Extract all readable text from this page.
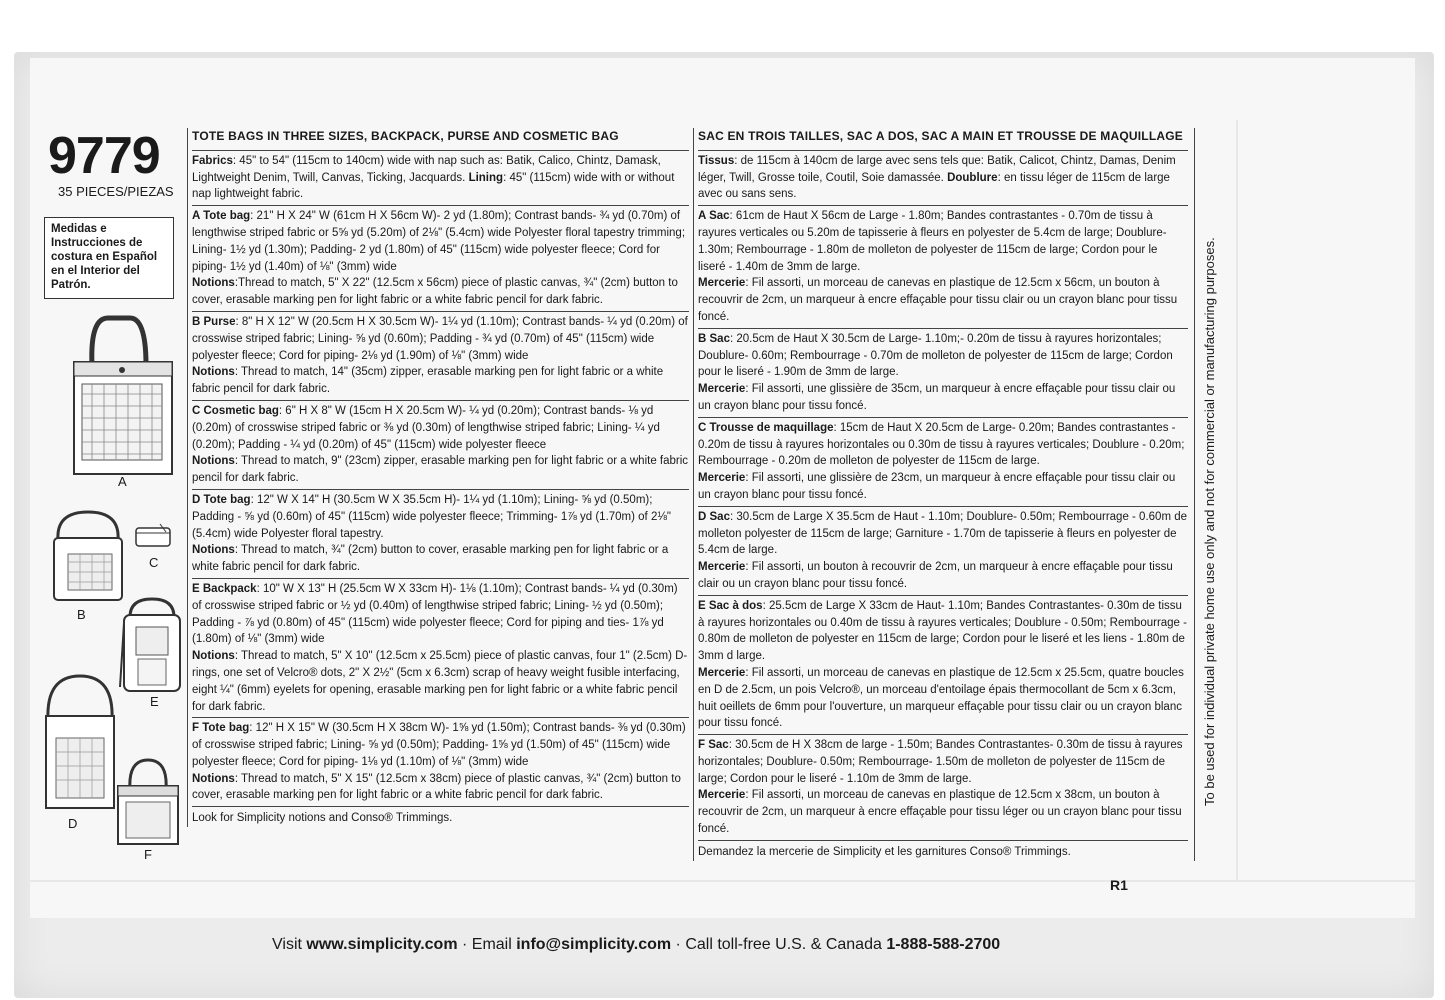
9779
35 PIECES/PIEZAS
Medidas e Instrucciones de costura en Español en el Interior del Patrón.
A
B
C
E
D
F
TOTE BAGS IN THREE SIZES, BACKPACK, PURSE AND COSMETIC BAG

Fabrics: 45" to 54" (115cm to 140cm) wide with nap such as: Batik, Calico, Chintz, Damask, Lightweight Denim, Twill, Canvas, Ticking, Jacquards. Lining: 45" (115cm) wide with or without nap lightweight fabric.

A Tote bag: 21" H X 24" W (61cm H X 56cm W)- 2 yd (1.80m); Contrast bands- ¾ yd (0.70m) of lengthwise striped fabric or 5⅝ yd (5.20m) of 2⅛" (5.4cm) wide Polyester floral tapestry trimming; Lining- 1½ yd (1.30m); Padding- 2 yd (1.80m) of 45" (115cm) wide polyester fleece; Cord for piping- 1½ yd (1.40m) of ⅛" (3mm) wide

Notions:Thread to match, 5" X 22" (12.5cm x 56cm) piece of plastic canvas, ¾" (2cm) button to cover, erasable marking pen for light fabric or a white fabric pencil for dark fabric.

B Purse: 8" H X 12" W (20.5cm H X 30.5cm W)- 1¼ yd (1.10m); Contrast bands- ¼ yd (0.20m) of crosswise striped fabric; Lining- ⅝ yd (0.60m); Padding - ¾ yd (0.70m) of 45" (115cm) wide polyester fleece; Cord for piping- 2⅛ yd (1.90m) of ⅛" (3mm) wide

Notions: Thread to match, 14" (35cm) zipper, erasable marking pen for light fabric or a white fabric pencil for dark fabric.

C Cosmetic bag: 6" H X 8" W (15cm H X 20.5cm W)- ¼ yd (0.20m); Contrast bands- ⅛ yd (0.20m) of crosswise striped fabric or ⅜ yd (0.30m) of lengthwise striped fabric; Lining- ¼ yd (0.20m); Padding - ¼ yd (0.20m) of 45" (115cm) wide polyester fleece

Notions: Thread to match, 9" (23cm) zipper, erasable marking pen for light fabric or a white fabric pencil for dark fabric.

D Tote bag: 12" W X 14" H (30.5cm W X 35.5cm H)- 1¼ yd (1.10m); Lining- ⅝ yd (0.50m); Padding - ⅝ yd (0.60m) of 45" (115cm) wide polyester fleece; Trimming- 1⅞ yd (1.70m) of 2⅛" (5.4cm) wide Polyester floral tapestry.

Notions: Thread to match, ¾" (2cm) button to cover, erasable marking pen for light fabric or a white fabric pencil for dark fabric.

E Backpack: 10" W X 13" H (25.5cm W X 33cm H)- 1⅛ (1.10m); Contrast bands- ¼ yd (0.30m) of crosswise striped fabric or ½ yd (0.40m) of lengthwise striped fabric; Lining- ½ yd (0.50m); Padding - ⅞ yd (0.80m) of 45" (115cm) wide polyester fleece; Cord for piping and ties- 1⅞ yd (1.80m) of ⅛" (3mm) wide

Notions: Thread to match, 5" X 10" (12.5cm x 25.5cm) piece of plastic canvas, four 1" (2.5cm) D-rings, one set of Velcro® dots, 2" X 2½" (5cm x 6.3cm) scrap of heavy weight fusible interfacing, eight ¼" (6mm) eyelets for opening, erasable marking pen for light fabric or a white fabric pencil for dark fabric.

F Tote bag: 12" H X 15" W (30.5cm H X 38cm W)- 1⅝ yd (1.50m); Contrast bands- ⅜ yd (0.30m) of crosswise striped fabric; Lining- ⅝ yd (0.50m); Padding- 1⅝ yd (1.50m) of 45" (115cm) wide polyester fleece; Cord for piping- 1⅛ yd (1.10m) of ⅛" (3mm) wide

Notions: Thread to match, 5" X 15" (12.5cm x 38cm) piece of plastic canvas, ¾" (2cm) button to cover, erasable marking pen for light fabric or a white fabric pencil for dark fabric.

Look for Simplicity notions and Conso® Trimmings.
SAC EN TROIS TAILLES, SAC A DOS, SAC A MAIN ET TROUSSE DE MAQUILLAGE

Tissus: de 115cm à 140cm de large avec sens tels que: Batik, Calicot, Chintz, Damas, Denim léger, Twill, Grosse toile, Coutil, Soie damassée. Doublure: en tissu léger de 115cm de large avec ou sans sens.

A Sac: 61cm de Haut X 56cm de Large - 1.80m; Bandes contrastantes - 0.70m de tissu à rayures verticales ou 5.20m de tapisserie à fleurs en polyester de 5.4cm de large; Doublure- 1.30m; Rembourrage - 1.80m de molleton de polyester de 115cm de large; Cordon pour le liseré - 1.40m de 3mm de large.

Mercerie: Fil assorti, un morceau de canevas en plastique de 12.5cm x 56cm, un bouton à recouvrir de 2cm, un marqueur à encre effaçable pour tissu clair ou un crayon blanc pour tissu foncé.

B Sac: 20.5cm de Haut X 30.5cm de Large- 1.10m;- 0.20m de tissu à rayures horizontales; Doublure- 0.60m; Rembourrage - 0.70m de molleton de polyester de 115cm de large; Cordon pour le liseré - 1.90m de 3mm de large.

Mercerie: Fil assorti, une glissière de 35cm, un marqueur à encre effaçable pour tissu clair ou un crayon blanc pour tissu foncé.

C Trousse de maquillage: 15cm de Haut X 20.5cm de Large- 0.20m; Bandes contrastantes - 0.20m de tissu à rayures horizontales ou 0.30m de tissu à rayures verticales; Doublure - 0.20m; Rembourrage - 0.20m de molleton de polyester de 115cm de large.

Mercerie: Fil assorti, une glissière de 23cm, un marqueur à encre effaçable pour tissu clair ou un crayon blanc pour tissu foncé.

D Sac: 30.5cm de Large X 35.5cm de Haut - 1.10m; Doublure- 0.50m; Rembourrage - 0.60m de molleton polyester de 115cm de large; Garniture - 1.70m de tapisserie à fleurs en polyester de 5.4cm de large.

Mercerie: Fil assorti, un bouton à recouvrir de 2cm, un marqueur à encre effaçable pour tissu clair ou un crayon blanc pour tissu foncé.

E Sac à dos: 25.5cm de Large X 33cm de Haut- 1.10m; Bandes Contrastantes- 0.30m de tissu à rayures horizontales ou 0.40m de tissu à rayures verticales; Doublure - 0.50m; Rembourrage - 0.80m de molleton de polyester en 115cm de large; Cordon pour le liseré et les liens - 1.80m de 3mm d large.

Mercerie: Fil assorti, un morceau de canevas en plastique de 12.5cm x 25.5cm, quatre boucles en D de 2.5cm, un pois Velcro®, un morceau d'entoilage épais thermocollant de 5cm x 6.3cm, huit oeillets de 6mm pour l'ouverture, un marqueur effaçable pour tissu clair ou un crayon blanc pour tissu foncé.

F Sac: 30.5cm de H X 38cm de large - 1.50m; Bandes Contrastantes- 0.30m de tissu à rayures horizontales; Doublure- 0.50m; Rembourrage- 1.50m de molleton de polyester de 115cm de large; Cordon pour le liseré - 1.10m de 3mm de large.

Mercerie: Fil assorti, un morceau de canevas en plastique de 12.5cm x 38cm, un bouton à recouvrir de 2cm, un marqueur à encre effaçable pour tissu léger ou un crayon blanc pour tissu foncé.

Demandez la mercerie de Simplicity et les garnitures Conso® Trimmings.
R1
To be used for individual private home use only and not for commercial or manufacturing purposes.
Visit www.simplicity.com · Email info@simplicity.com · Call toll-free U.S. & Canada 1-888-588-2700
